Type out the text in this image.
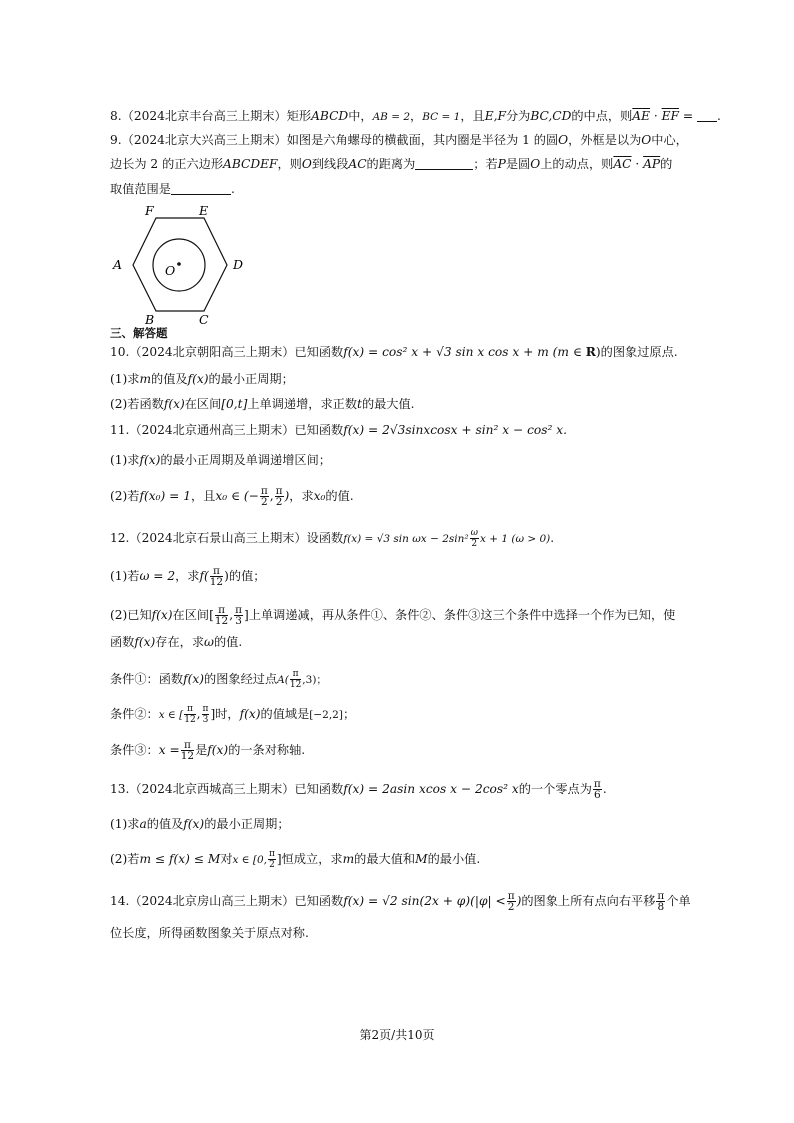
8.（2024北京丰台高三上期末）矩形ABCD中，AB = 2，BC = 1，且E,F分为BC,CD的中点，则$\overline{AE} \cdot \overline{EF}$ = .
9.（2024北京大兴高三上期末）如图是六角螺母的横截面，其内圈是半径为 1 的圆O，外框是以为O中心，
边长为 2 的正六边形ABCDEF，则O到线段AC的距离为	；若P是圆O上的动点，则$\overline{AC} \cdot \overline{AP}$的
取值范围是	.
F	E
A	D
B	C
O
三、解答题
10.（2024北京朝阳高三上期末）已知函数f(x) = cos² x + √3 sin x cos x + m (m ∈ R)的图象过原点.
(1)求m的值及f(x)的最小正周期；
(2)若函数f(x)在区间[0,t]上单调递增，求正数t的最大值.
11.（2024北京通州高三上期末）已知函数f(x) = 2√3sinxcosx + sin² x − cos² x.
(1)求f(x)的最小正周期及单调递增区间；
(2)若f(x₀) = 1，且x₀ ∈ (− $\frac{\pi}{2}$ , $\frac{\pi}{2}$ )，求x₀的值.
12.（2024北京石景山高三上期末）设函数f(x) = √3 $\sin \omega x - 2\sin^2 \frac{\omega}{2}$ x + 1 (ω > 0).
(1)若ω = 2，求$f( \frac{\pi}{12}$ )的值；
(2)已知f(x)在区间[ $\frac{\pi}{12}$ , $\frac{\pi}{3}$ ]上单调递减，再从条件①、条件②、条件③这三个条件中选择一个作为已知，使
函数f(x)存在，求ω的值.
条件①：函数f(x)的图象经过点$A( \frac{\pi}{12} ,3)$；
条件②：x ∈ [ $\frac{\pi}{12}$ , $\frac{\pi}{3}$ ]时，f(x)的值域是[−2,2]；
条件③：$x = \frac{\pi}{12}$ 是f(x)的一条对称轴.
13.（2024北京西城高三上期末）已知函数f(x) = 2asin xcos x − 2cos² x的一个零点为 $\frac{\pi}{6}$ .
(1)求a的值及f(x)的最小正周期；
(2)若m ≤ f(x) ≤ M对x ∈ [0, $\frac{\pi}{2}$ ]恒成立，求m的最大值和M的最小值.
14.（2024北京房山高三上期末）已知函数f(x) = √2 $\sin(2x + \varphi)(|\varphi| < \frac{\pi}{2}$ )的图象上所有点向右平移 $\frac{\pi}{8}$ 个单
位长度，所得函数图象关于原点对称.
第2页/共10页
